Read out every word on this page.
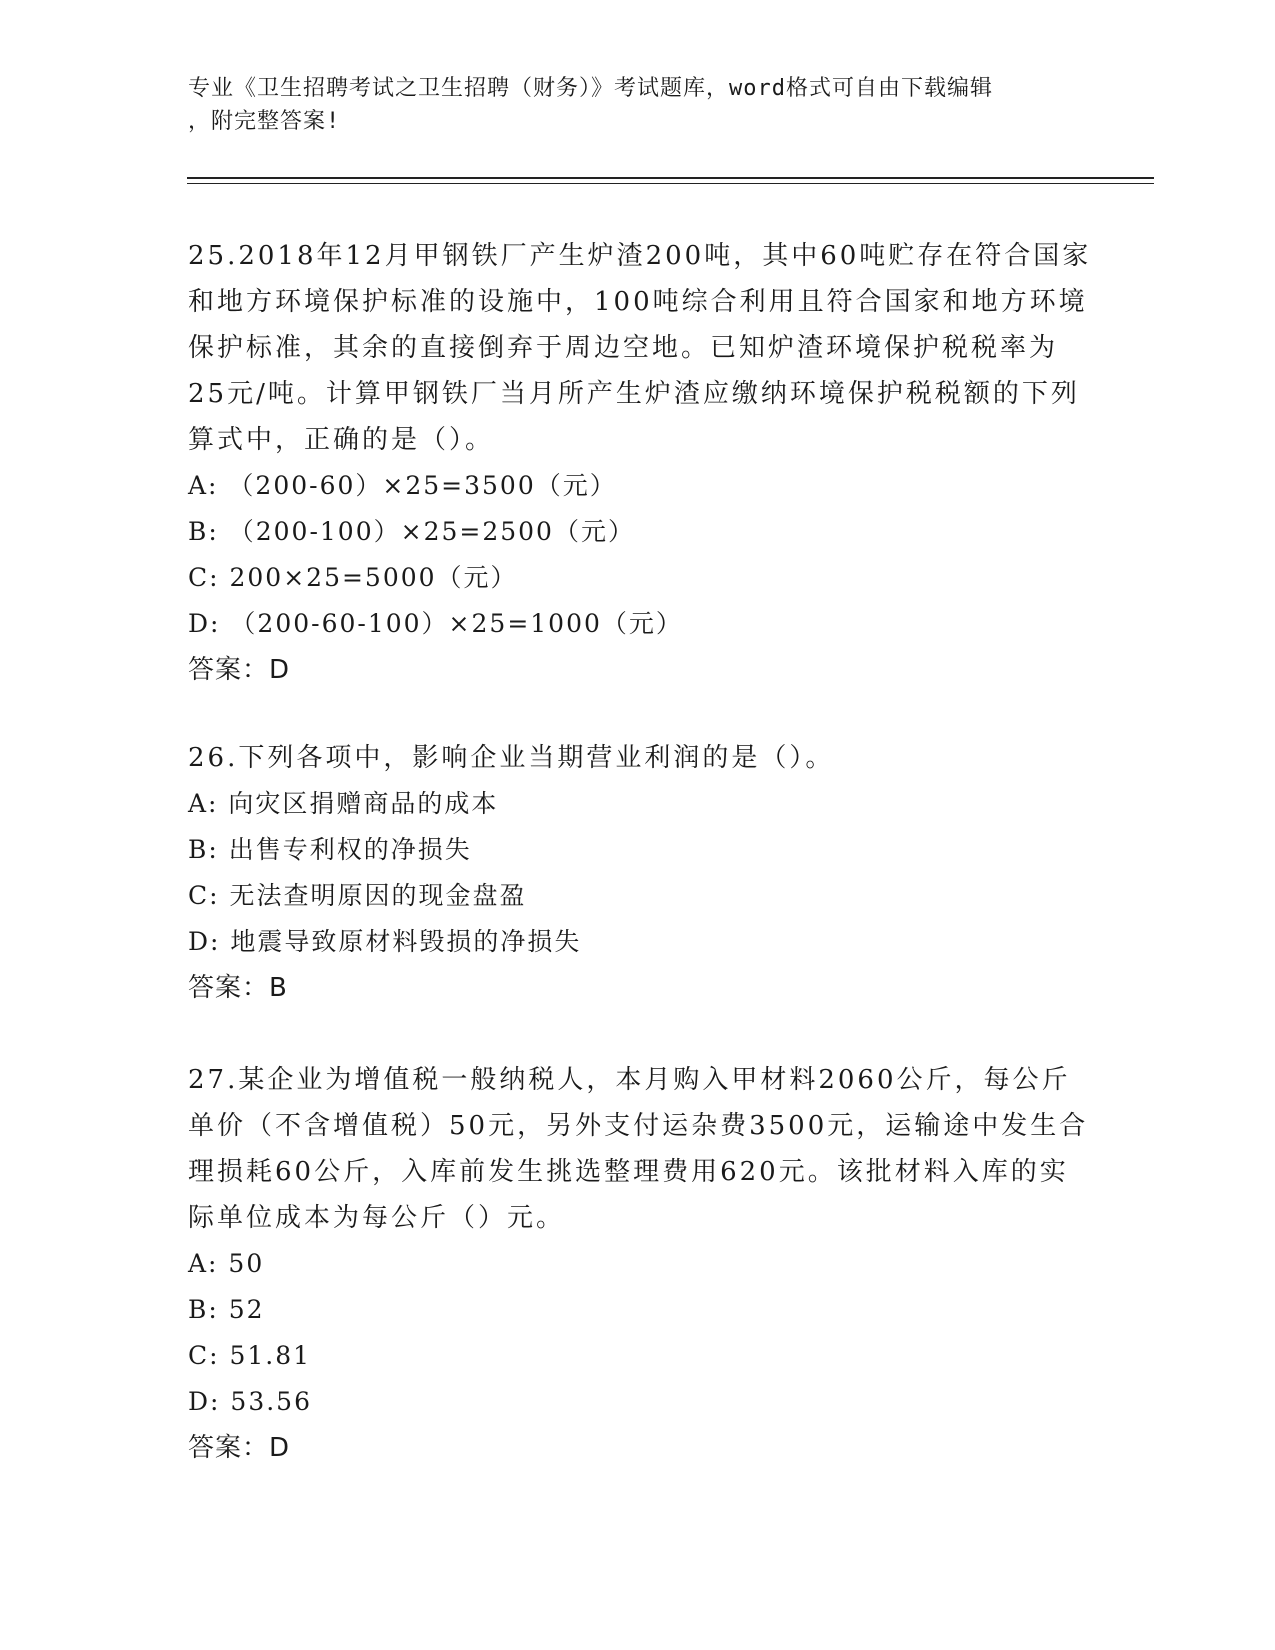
专业《卫生招聘考试之卫生招聘（财务）》考试题库，word格式可自由下载编辑
，附完整答案!
25.2018年12月甲钢铁厂产生炉渣200吨，其中60吨贮存在符合国家
和地方环境保护标准的设施中，100吨综合利用且符合国家和地方环境
保护标准，其余的直接倒弃于周边空地。已知炉渣环境保护税税率为
25元/吨。计算甲钢铁厂当月所产生炉渣应缴纳环境保护税税额的下列
算式中，正确的是（）。
A: （200-60）×25=3500（元）
B: （200-100）×25=2500（元）
C: 200×25=5000（元）
D: （200-60-100）×25=1000（元）
答案：D
26.下列各项中，影响企业当期营业利润的是（）。
A: 向灾区捐赠商品的成本
B: 出售专利权的净损失
C: 无法查明原因的现金盘盈
D: 地震导致原材料毁损的净损失
答案：B
27.某企业为增值税一般纳税人，本月购入甲材料2060公斤，每公斤
单价（不含增值税）50元，另外支付运杂费3500元，运输途中发生合
理损耗60公斤，入库前发生挑选整理费用620元。该批材料入库的实
际单位成本为每公斤（）元。
A: 50
B: 52
C: 51.81
D: 53.56
答案：D
